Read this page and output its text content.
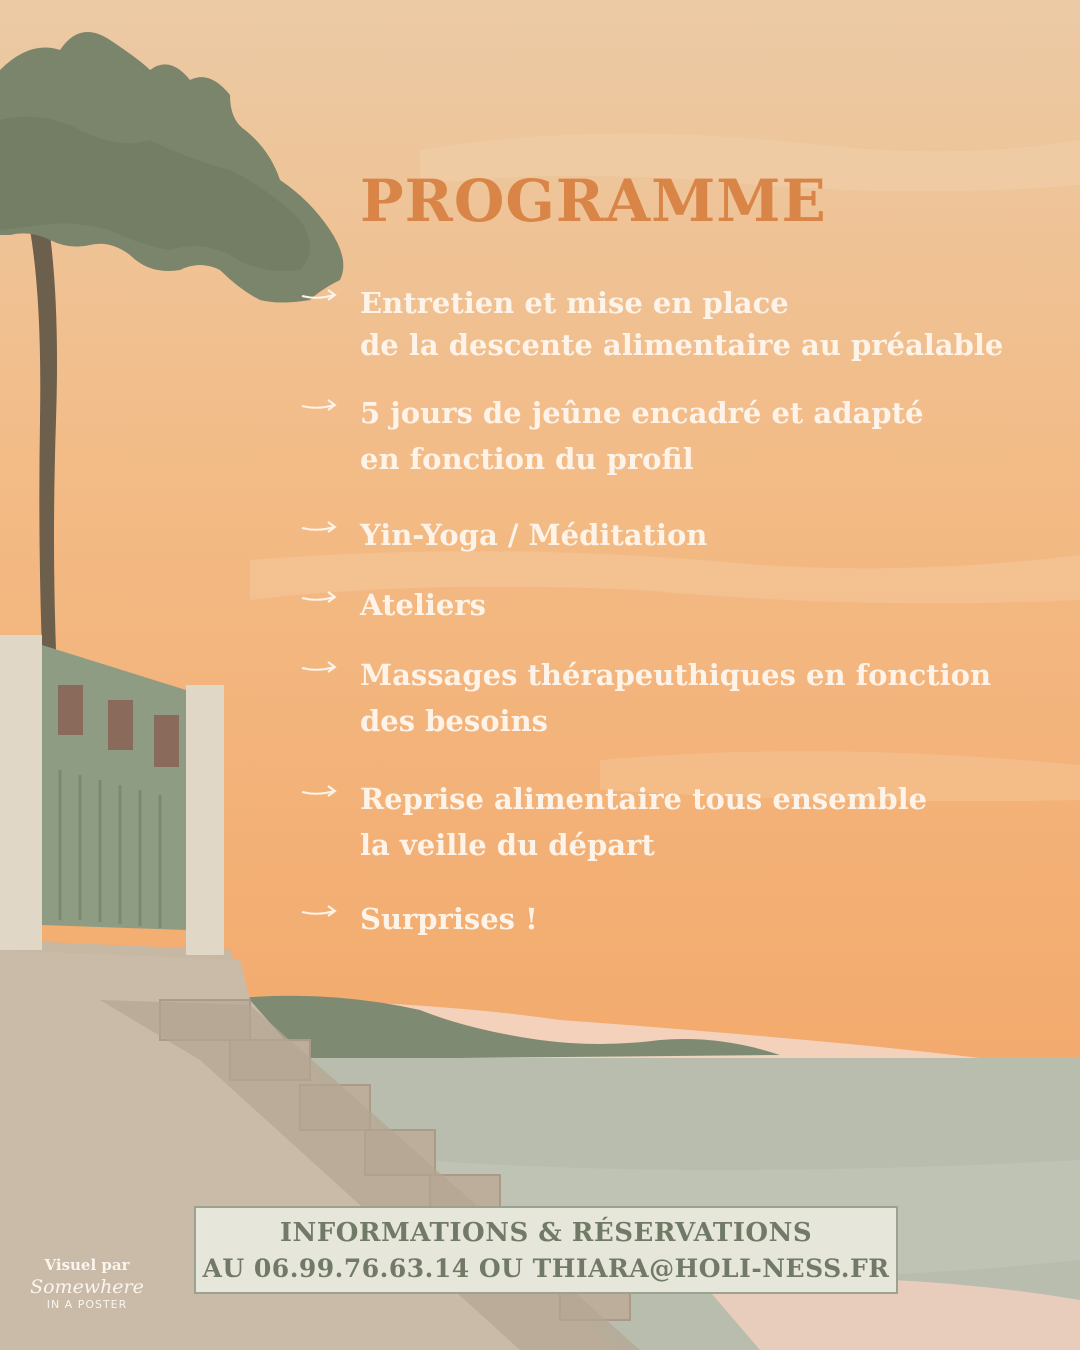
PROGRAMME
Entretien et mise en place
de la descente alimentaire au préalable
5 jours de jeûne encadré et adapté
en fonction du profil
Yin-Yoga / Méditation
Ateliers
Massages thérapeuthiques en fonction
des besoins
Reprise alimentaire tous ensemble
la veille du départ
Surprises !
INFORMATIONS & RÉSERVATIONS
AU 06.99.76.63.14 OU THIARA@HOLI-NESS.FR
Visuel par
Somewhere
IN A POSTER
